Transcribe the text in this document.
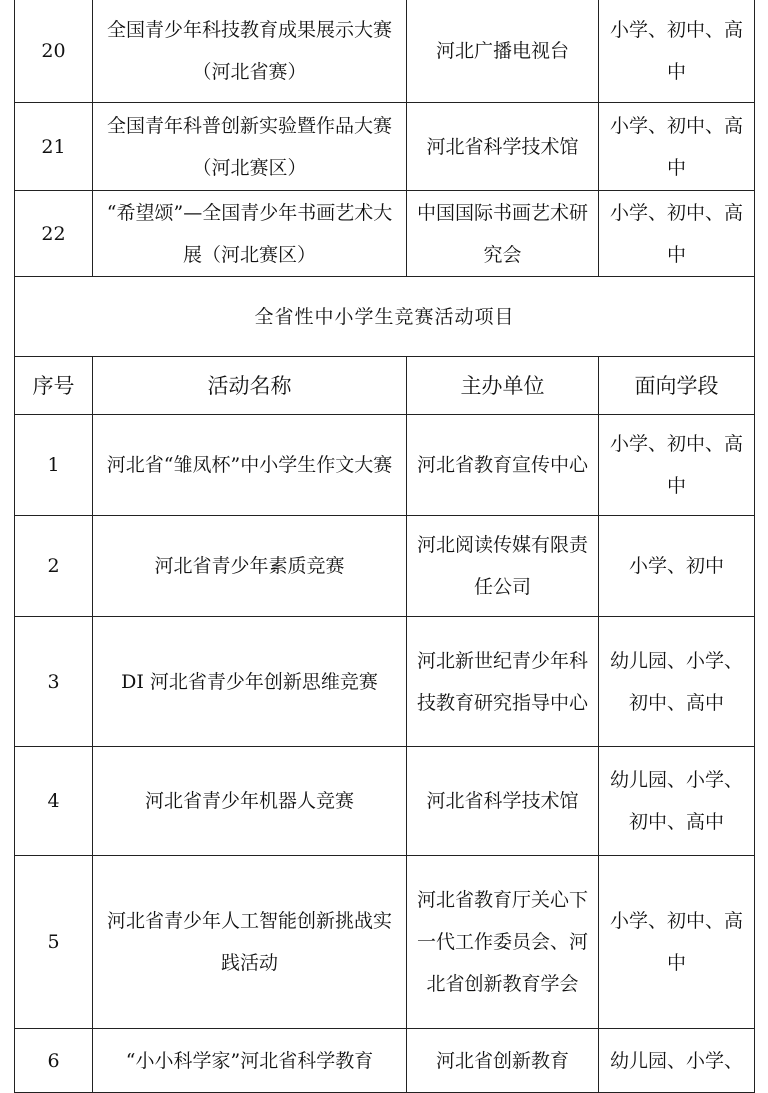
20	全国青少年科技教育成果展示大赛（河北省赛）	河北广播电视台	小学、初中、高中
21	全国青年科普创新实验暨作品大赛（河北赛区）	河北省科学技术馆	小学、初中、高中
22	“希望颂”—全国青少年书画艺术大展（河北赛区）	中国国际书画艺术研究会	小学、初中、高中
全省性中小学生竞赛活动项目			
序号	活动名称	主办单位	面向学段
1	河北省“雏凤杯”中小学生作文大赛	河北省教育宣传中心	小学、初中、高中
2	河北省青少年素质竞赛	河北阅读传媒有限责任公司	小学、初中
3	DI 河北省青少年创新思维竞赛	河北新世纪青少年科技教育研究指导中心	幼儿园、小学、初中、高中
4	河北省青少年机器人竞赛	河北省科学技术馆	幼儿园、小学、初中、高中
5	河北省青少年人工智能创新挑战实践活动	河北省教育厅关心下一代工作委员会、河北省创新教育学会	小学、初中、高中
6	“小小科学家”河北省科学教育	河北省创新教育	幼儿园、小学、
